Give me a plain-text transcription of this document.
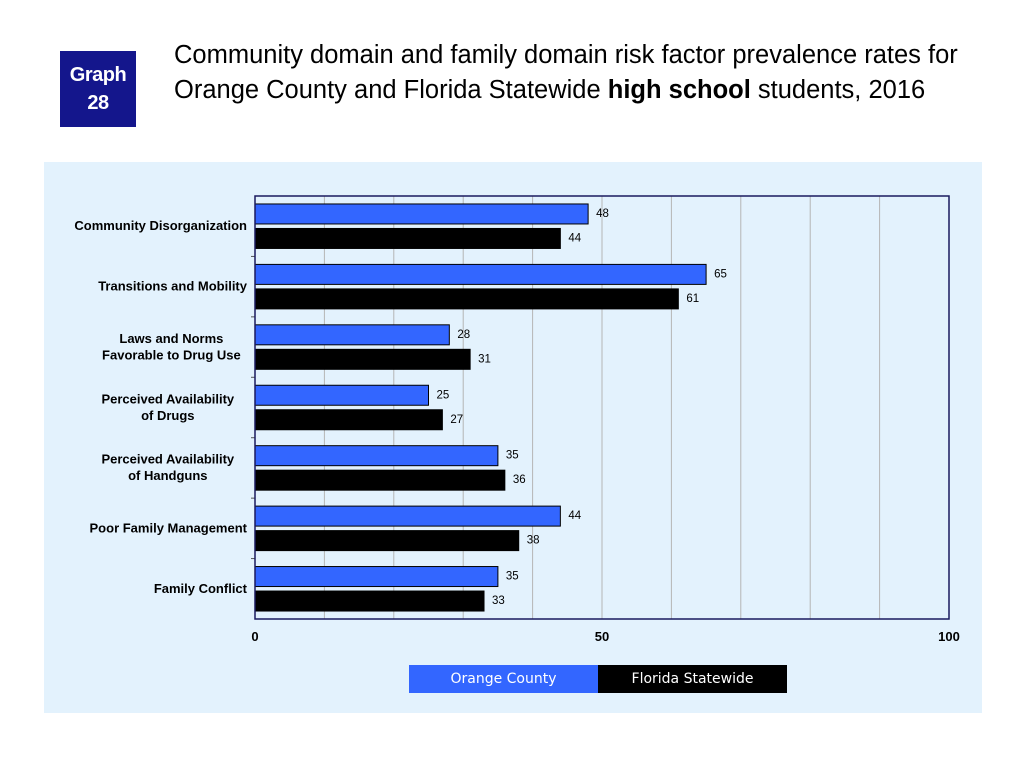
Graph
28
Community domain and family domain risk factor prevalence rates for Orange County and Florida Statewide high school students, 2016
48
65
28
25
35
44
35
44
61
31
27
36
38
33
Community Disorganization
Transitions and Mobility
Laws and Norms Favorable to Drug Use
Perceived Availability of Drugs
Perceived Availability of Handguns
Poor Family Management
Family Conflict
0	50	100
Orange County	Florida Statewide
